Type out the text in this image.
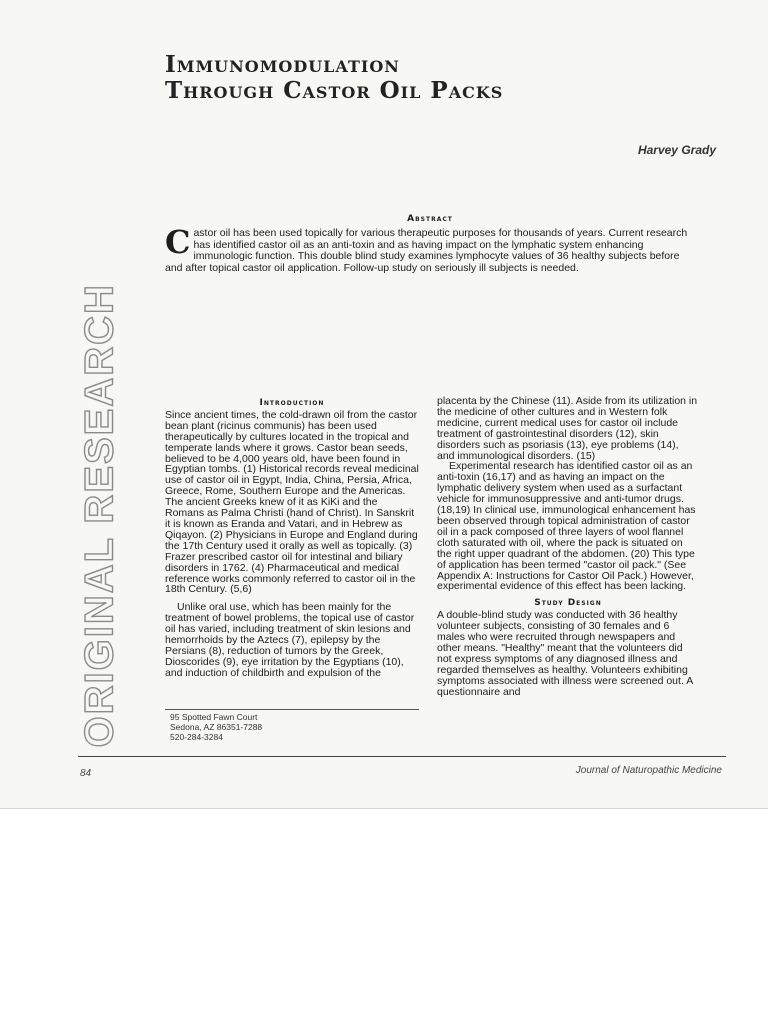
Immunomodulation
Through Castor Oil Packs
Harvey Grady
ORIGINAL RESEARCH
Abstract

Castor oil has been used topically for various therapeutic purposes for thousands of years. Current research has identified castor oil as an anti-toxin and as having impact on the lymphatic system enhancing immunologic function. This double blind study examines lymphocyte values of 36 healthy subjects before and after topical castor oil application. Follow-up study on seriously ill subjects is needed.

Introduction

Since ancient times, the cold-drawn oil from the castor bean plant (ricinus communis) has been used therapeutically by cultures located in the tropical and temperate lands where it grows. Castor bean seeds, believed to be 4,000 years old, have been found in Egyptian tombs. (1) Historical records reveal medicinal use of castor oil in Egypt, India, China, Persia, Africa, Greece, Rome, Southern Europe and the Americas. The ancient Greeks knew of it as KiKi and the Romans as Palma Christi (hand of Christ). In Sanskrit it is known as Eranda and Vatari, and in Hebrew as Qiqayon. (2) Physicians in Europe and England during the 17th Century used it orally as well as topically. (3) Frazer prescribed castor oil for intestinal and biliary disorders in 1762. (4) Pharmaceutical and medical reference works commonly referred to castor oil in the 18th Century. (5,6)

Unlike oral use, which has been mainly for the treatment of bowel problems, the topical use of castor oil has varied, including treatment of skin lesions and hemorrhoids by the Aztecs (7), epilepsy by the Persians (8), reduction of tumors by the Greek, Dioscorides (9), eye irritation by the Egyptians (10), and induction of childbirth and expulsion of the

95 Spotted Fawn Court
Sedona, AZ 86351-7288
520-284-3284

placenta by the Chinese (11). Aside from its utilization in the medicine of other cultures and in Western folk medicine, current medical uses for castor oil include treatment of gastrointestinal disorders (12), skin disorders such as psoriasis (13), eye problems (14), and immunological disorders. (15)

Experimental research has identified castor oil as an anti-toxin (16,17) and as having an impact on the lymphatic delivery system when used as a surfactant vehicle for immunosuppressive and anti-tumor drugs. (18,19) In clinical use, immunological enhancement has been observed through topical administration of castor oil in a pack composed of three layers of wool flannel cloth saturated with oil, where the pack is situated on the right upper quadrant of the abdomen. (20) This type of application has been termed "castor oil pack." (See Appendix A: Instructions for Castor Oil Pack.) However, experimental evidence of this effect has been lacking.

Study Design

A double-blind study was conducted with 36 healthy volunteer subjects, consisting of 30 females and 6 males who were recruited through newspapers and other means. "Healthy" meant that the volunteers did not express symptoms of any diagnosed illness and regarded themselves as healthy. Volunteers exhibiting symptoms associated with illness were screened out. A questionnaire and

84	Journal of Naturopathic Medicine
